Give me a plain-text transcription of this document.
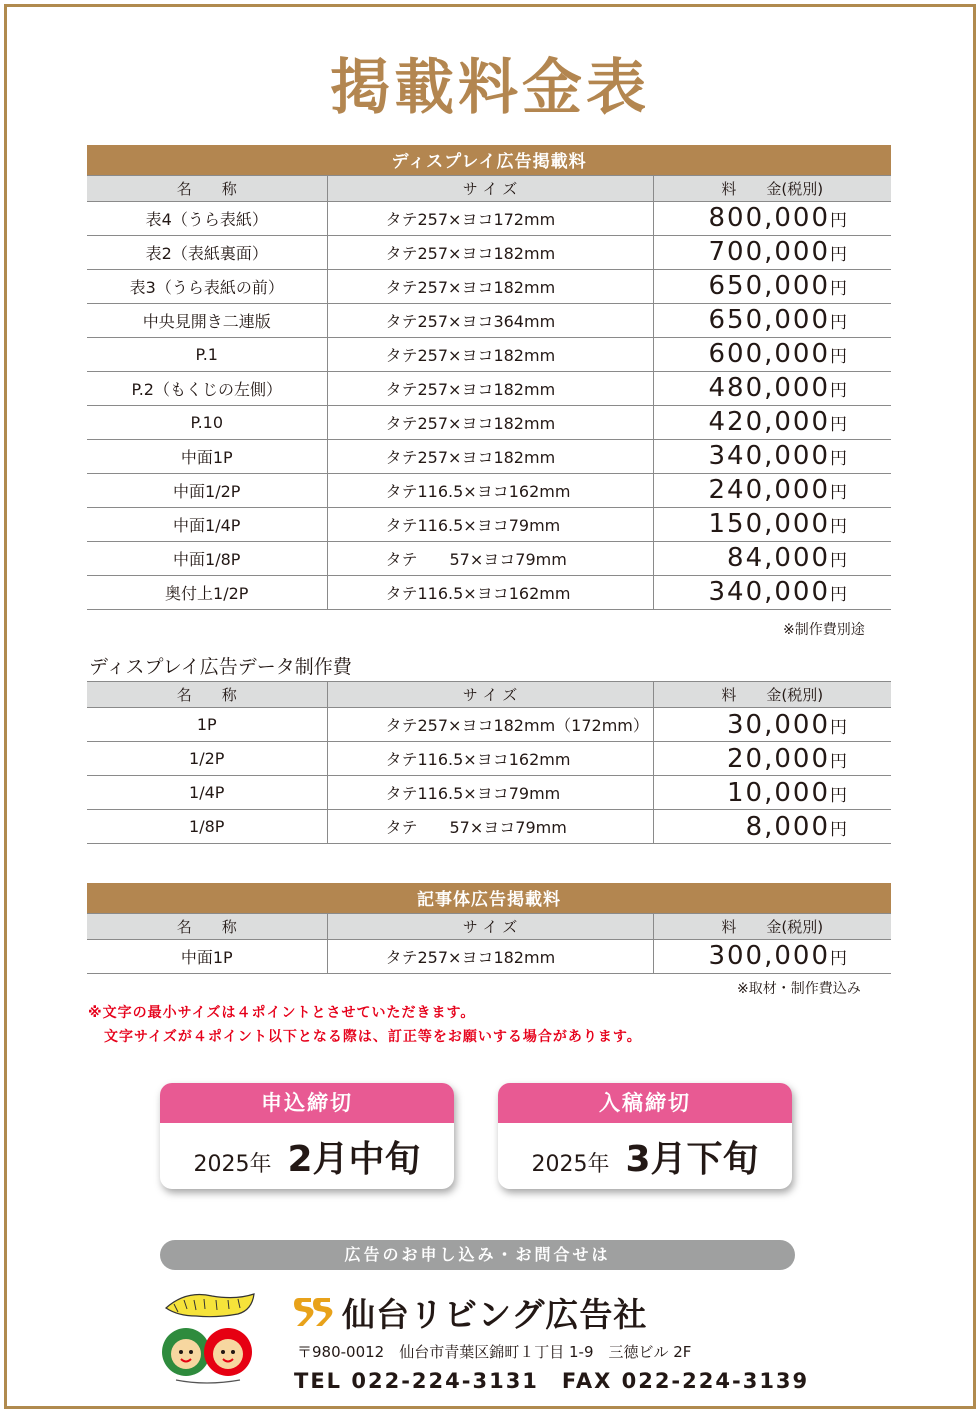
掲載料金表
ディスプレイ広告掲載料		
名　　称	サ イ ズ	料　　金(税別)
表4（うら表紙）	タテ257×ヨコ172mm	800,000円
表2（表紙裏面）	タテ257×ヨコ182mm	700,000円
表3（うら表紙の前）	タテ257×ヨコ182mm	650,000円
中央見開き二連版	タテ257×ヨコ364mm	650,000円
P.1	タテ257×ヨコ182mm	600,000円
P.2（もくじの左側）	タテ257×ヨコ182mm	480,000円
P.10	タテ257×ヨコ182mm	420,000円
中面1P	タテ257×ヨコ182mm	340,000円
中面1/2P	タテ116.5×ヨコ162mm	240,000円
中面1/4P	タテ116.5×ヨコ79mm	150,000円
中面1/8P	タテ　　57×ヨコ79mm	84,000円
奥付上1/2P	タテ116.5×ヨコ162mm	340,000円
※制作費別途
ディスプレイ広告データ制作費
名　　称	サ イ ズ	料　　金(税別)
1P	タテ257×ヨコ182mm（172mm）	30,000円
1/2P	タテ116.5×ヨコ162mm	20,000円
1/4P	タテ116.5×ヨコ79mm	10,000円
1/8P	タテ　　57×ヨコ79mm	8,000円
記事体広告掲載料		
名　　称	サ イ ズ	料　　金(税別)
中面1P	タテ257×ヨコ182mm	300,000円
※取材・制作費込み
※文字の最小サイズは４ポイントとさせていただきます。
文字サイズが４ポイント以下となる際は、訂正等をお願いする場合があります。
申込締切
2025年 2月中旬
入稿締切
2025年 3月下旬
広告のお申し込み・お問合せは
仙台リビング広告社
〒980-0012　仙台市青葉区錦町１丁目 1-9　三徳ビル 2F
TEL 022-224-3131　FAX 022-224-3139
